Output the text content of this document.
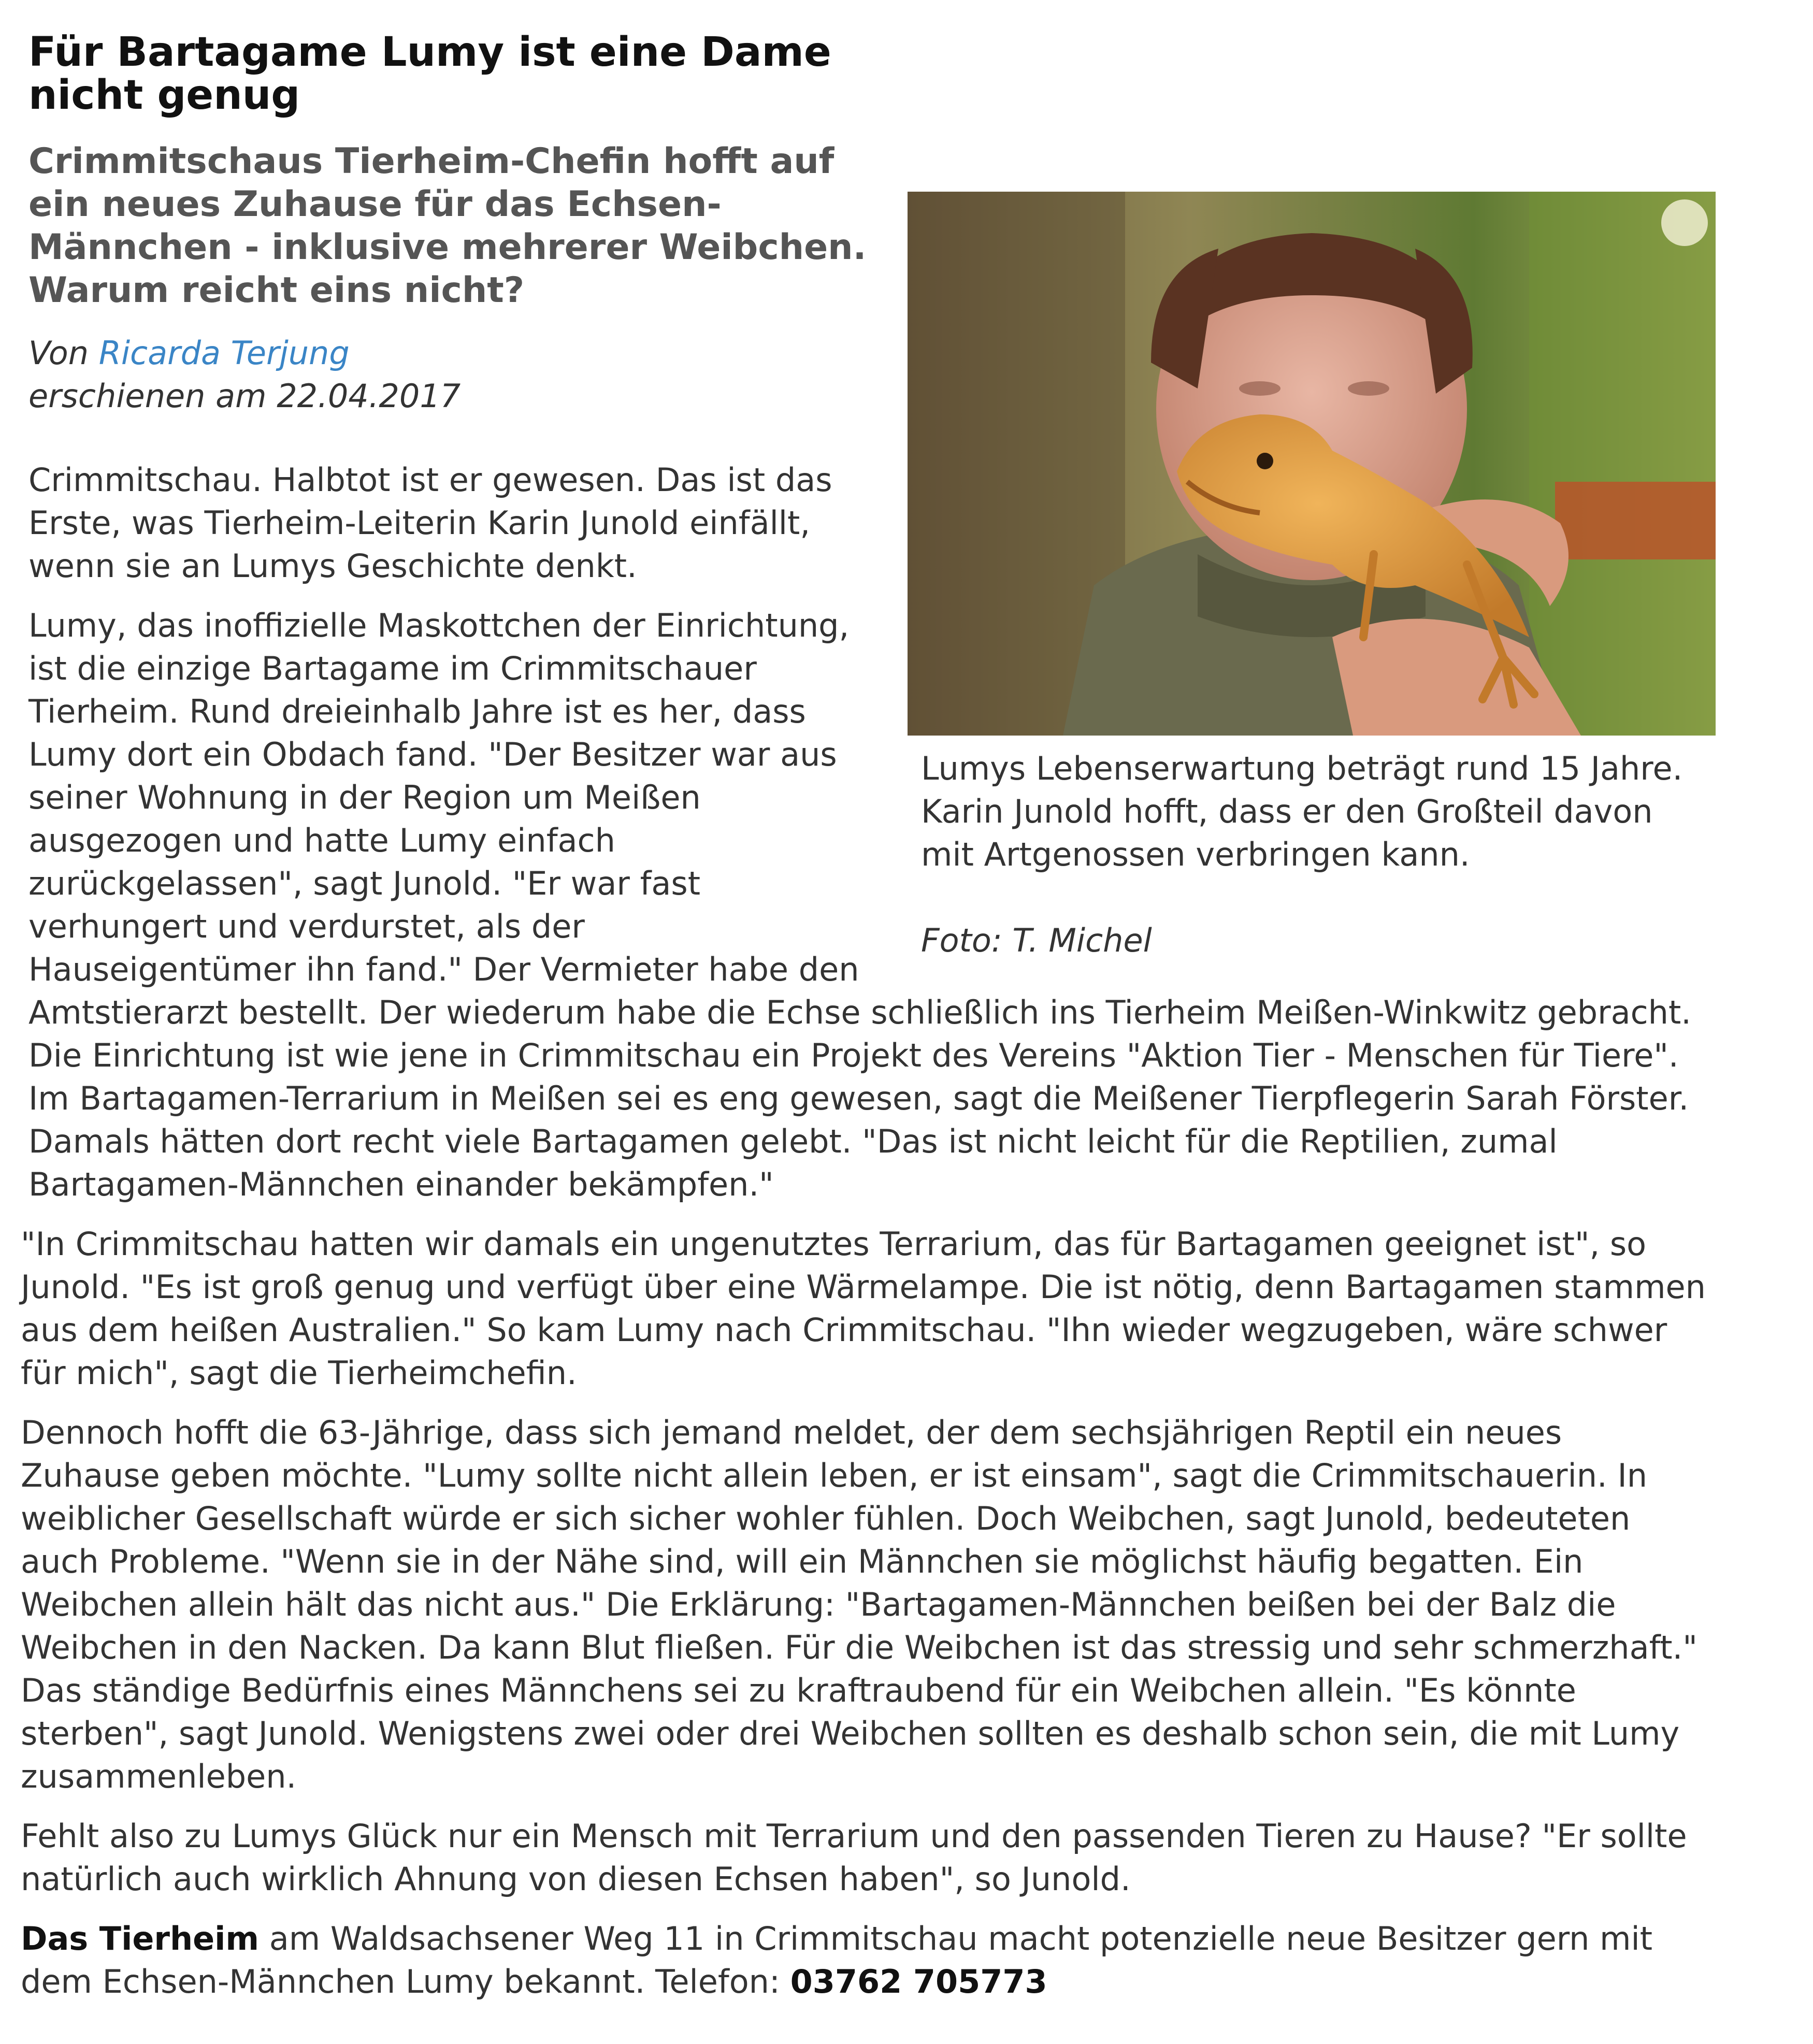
Für Bartagame Lumy ist eine Dame nicht genug
Crimmitschaus Tierheim-Chefin hofft auf ein neues Zuhause für das Echsen-Männchen - inklusive mehrerer Weibchen. Warum reicht eins nicht?
Von Ricarda Terjung
erschienen am 22.04.2017
Lumys Lebenserwartung beträgt rund 15 Jahre. Karin Junold hofft, dass er den Großteil davon mit Artgenossen verbringen kann.
Foto: T. Michel

Crimmitschau. Halbtot ist er gewesen. Das ist das Erste, was Tierheim-Leiterin Karin Junold einfällt, wenn sie an Lumys Geschichte denkt.

Lumy, das inoffizielle Maskottchen der Einrichtung, ist die einzige Bartagame im Crimmitschauer Tierheim. Rund dreieinhalb Jahre ist es her, dass Lumy dort ein Obdach fand. "Der Besitzer war aus seiner Wohnung in der Region um Meißen ausgezogen und hatte Lumy einfach zurückgelassen", sagt Junold. "Er war fast verhungert und verdurstet, als der Hauseigentümer ihn fand." Der Vermieter habe den Amtstierarzt bestellt. Der wiederum habe die Echse schließlich ins Tierheim Meißen-Winkwitz gebracht. Die Einrichtung ist wie jene in Crimmitschau ein Projekt des Vereins "Aktion Tier - Menschen für Tiere". Im Bartagamen-Terrarium in Meißen sei es eng gewesen, sagt die Meißener Tierpflegerin Sarah Förster. Damals hätten dort recht viele Bartagamen gelebt. "Das ist nicht leicht für die Reptilien, zumal Bartagamen-Männchen einander bekämpfen."

"In Crimmitschau hatten wir damals ein ungenutztes Terrarium, das für Bartagamen geeignet ist", so Junold. "Es ist groß genug und verfügt über eine Wärmelampe. Die ist nötig, denn Bartagamen stammen aus dem heißen Australien." So kam Lumy nach Crimmitschau. "Ihn wieder wegzugeben, wäre schwer für mich", sagt die Tierheimchefin.

Dennoch hofft die 63-Jährige, dass sich jemand meldet, der dem sechsjährigen Reptil ein neues Zuhause geben möchte. "Lumy sollte nicht allein leben, er ist einsam", sagt die Crimmitschauerin. In weiblicher Gesellschaft würde er sich sicher wohler fühlen. Doch Weibchen, sagt Junold, bedeuteten auch Probleme. "Wenn sie in der Nähe sind, will ein Männchen sie möglichst häufig begatten. Ein Weibchen allein hält das nicht aus." Die Erklärung: "Bartagamen-Männchen beißen bei der Balz die Weibchen in den Nacken. Da kann Blut fließen. Für die Weibchen ist das stressig und sehr schmerzhaft." Das ständige Bedürfnis eines Männchens sei zu kraftraubend für ein Weibchen allein. "Es könnte sterben", sagt Junold. Wenigstens zwei oder drei Weibchen sollten es deshalb schon sein, die mit Lumy zusammenleben.

Fehlt also zu Lumys Glück nur ein Mensch mit Terrarium und den passenden Tieren zu Hause? "Er sollte natürlich auch wirklich Ahnung von diesen Echsen haben", so Junold.

Das Tierheim am Waldsachsener Weg 11 in Crimmitschau macht potenzielle neue Besitzer gern mit dem Echsen-Männchen Lumy bekannt. Telefon: 03762 705773
